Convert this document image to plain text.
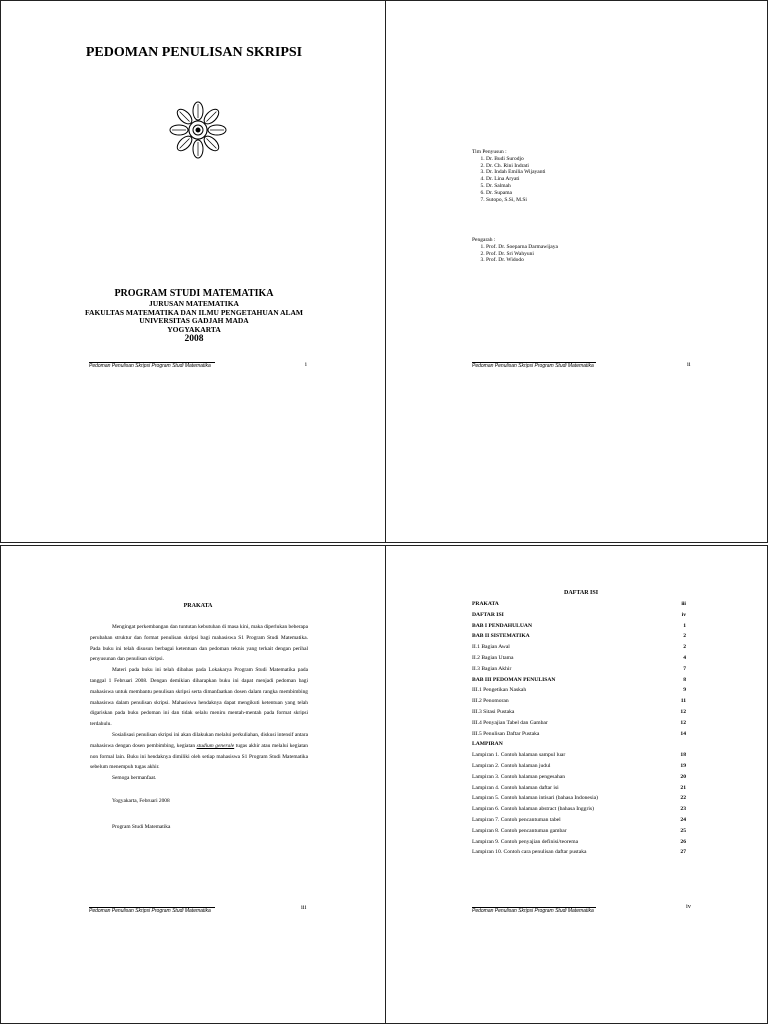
PEDOMAN PENULISAN SKRIPSI
PROGRAM STUDI MATEMATIKA
JURUSAN MATEMATIKA
FAKULTAS MATEMATIKA DAN ILMU PENGETAHUAN ALAM
UNIVERSITAS GADJAH MADA
YOGYAKARTA
2008
Pedoman Penulisan Skripsi Program Studi Matematika	i
Tim Penyusun :
1. Dr. Budi Surodjo
2. Dr. Ch. Rini Indrati
3. Dr. Indah Emilia Wijayanti
4. Dr. Lina Aryati
5. Dr. Salmah
6. Dr. Supama
7. Sutopo, S.Si, M.Si
Pengarah :
1. Prof. Dr. Soeparna Darmawijaya
2. Prof. Dr. Sri Wahyuni
3. Prof. Dr. Widodo
Pedoman Penulisan Skripsi Program Studi Matematika	ii
PRAKATA
Mengingat perkembangan dan tuntutan kebutuhan di masa kini, maka diperlukan beberapa perubahan struktur dan format penulisan skripsi bagi mahasiswa S1 Program Studi Matematika. Pada buku ini telah disusun berbagai ketentuan dan pedoman teknis yang terkait dengan perihal penyusunan dan penulisan skripsi.
Materi pada buku ini telah dibahas pada Lokakarya Program Studi Matematika pada tanggal 1 Februari 2008. Dengan demikian diharapkan buku ini dapat menjadi pedoman bagi mahasiswa untuk membantu penulisan skripsi serta dimanfaatkan dosen dalam rangka membimbing mahasiswa dalam penulisan skripsi. Mahasiswa hendaknya dapat mengikuti ketentuan yang telah digariskan pada buku pedoman ini dan tidak selalu meniru mentah-mentah pada format skripsi terdahulu.
Sosialisasi penulisan skripsi ini akan dilakukan melalui perkuliahan, diskusi intensif antara mahasiswa dengan dosen pembimbing, kegiatan studium generale tugas akhir atau melalui kegiatan non formal lain. Buku ini hendaknya dimiliki oleh setiap mahasiswa S1 Program Studi Matematika sebelum menempuh tugas akhir.
Semoga bermanfaat.
Yogyakarta, Februari 2008
Program Studi Matematika
Pedoman Penulisan Skripsi Program Studi Matematika	iii
DAFTAR ISI
PRAKATA	iii
DAFTAR ISI	iv
BAB I PENDAHULUAN	1
BAB II SISTEMATIKA	2
II.1 Bagian Awal	2
II.2 Bagian Utama	4
II.3 Bagian Akhir	7
BAB III PEDOMAN PENULISAN	8
III.1 Pengetikan Naskah	9
III.2 Penomoran	11
III.3 Sitasi Pustaka	12
III.4 Penyajian Tabel dan Gambar	12
III.5 Penulisan Daftar Pustaka	14
LAMPIRAN
Lampiran 1. Contoh halaman sampul luar	18
Lampiran 2. Contoh halaman judul	19
Lampiran 3. Contoh halaman pengesahan	20
Lampiran 4. Contoh halaman daftar isi	21
Lampiran 5. Contoh halaman intisari (bahasa Indonesia)	22
Lampiran 6. Contoh halaman abstract (bahasa Inggris)	23
Lampiran 7. Contoh pencantuman tabel	24
Lampiran 8. Contoh pencantuman gambar	25
Lampiran 9. Contoh penyajian definisi/teorema	26
Lampiran 10. Contoh cara penulisan daftar pustaka	27
Pedoman Penulisan Skripsi Program Studi Matematika
iv
